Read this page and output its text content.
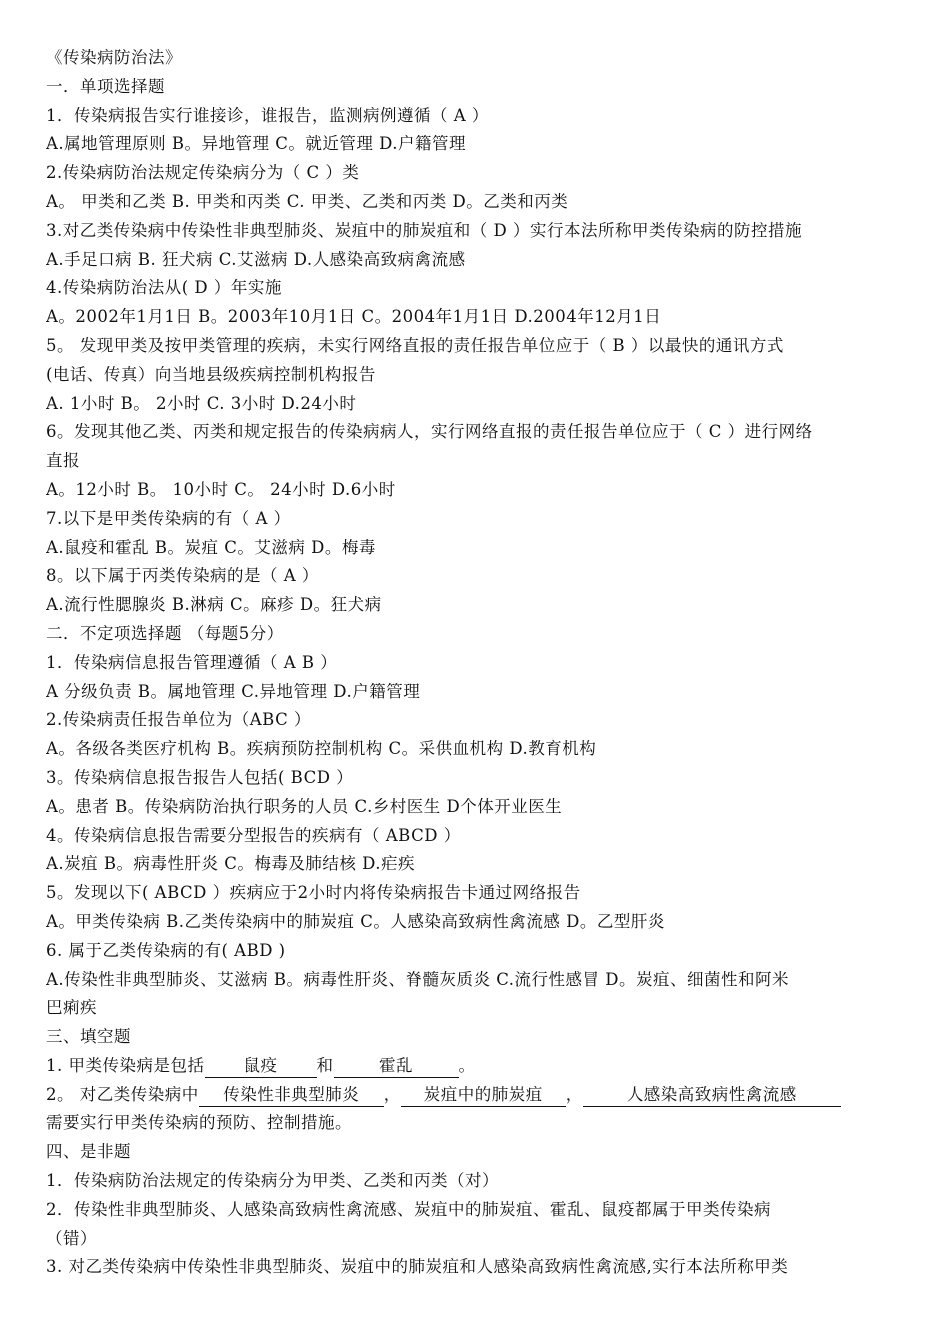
《传染病防治法》
一．单项选择题
1．传染病报告实行谁接诊，谁报告，监测病例遵循（ A ）
A.属地管理原则 B。异地管理 C。就近管理 D.户籍管理
2.传染病防治法规定传染病分为（ C ）类
A。 甲类和乙类 B. 甲类和丙类 C. 甲类、乙类和丙类 D。乙类和丙类
3.对乙类传染病中传染性非典型肺炎、炭疽中的肺炭疽和（ D ）实行本法所称甲类传染病的防控措施
A.手足口病 B. 狂犬病 C.艾滋病 D.人感染高致病禽流感
4.传染病防治法从( D ）年实施
A。2002年1月1日 B。2003年10月1日 C。2004年1月1日 D.2004年12月1日
5。 发现甲类及按甲类管理的疾病，未实行网络直报的责任报告单位应于（ B ）以最快的通讯方式
(电话、传真）向当地县级疾病控制机构报告
A. 1小时 B。 2小时 C. 3小时 D.24小时
6。发现其他乙类、丙类和规定报告的传染病病人，实行网络直报的责任报告单位应于（ C ）进行网络
直报
A。12小时 B。 10小时 C。 24小时 D.6小时
7.以下是甲类传染病的有（ A ）
A.鼠疫和霍乱 B。炭疽 C。艾滋病 D。梅毒
8。以下属于丙类传染病的是（ A ）
A.流行性腮腺炎 B.淋病 C。麻疹 D。狂犬病
二．不定项选择题 （每题5分）
1．传染病信息报告管理遵循（ A B ）
A 分级负责 B。属地管理 C.异地管理 D.户籍管理
2.传染病责任报告单位为（ABC ）
A。各级各类医疗机构 B。疾病预防控制机构 C。采供血机构 D.教育机构
3。传染病信息报告报告人包括( BCD ）
A。患者 B。传染病防治执行职务的人员 C.乡村医生 D个体开业医生
4。传染病信息报告需要分型报告的疾病有（ ABCD ）
A.炭疽 B。病毒性肝炎 C。梅毒及肺结核 D.疟疾
5。发现以下( ABCD ）疾病应于2小时内将传染病报告卡通过网络报告
A。甲类传染病 B.乙类传染病中的肺炭疽 C。人感染高致病性禽流感 D。乙型肝炎
6. 属于乙类传染病的有( ABD )
A.传染性非典型肺炎、艾滋病 B。病毒性肝炎、脊髓灰质炎 C.流行性感冒 D。炭疽、细菌性和阿米
巴痢疾
三、填空题
1. 甲类传染病是包括 鼠疫 和	霍乱	。
2。 对乙类传染病中 传染性非典型肺炎 ， 炭疽中的肺炭疽 ，	人感染高致病性禽流感
需要实行甲类传染病的预防、控制措施。
四、是非题
1．传染病防治法规定的传染病分为甲类、乙类和丙类（对）
2．传染性非典型肺炎、人感染高致病性禽流感、炭疽中的肺炭疽、霍乱、鼠疫都属于甲类传染病
（错）
3. 对乙类传染病中传染性非典型肺炎、炭疽中的肺炭疽和人感染高致病性禽流感,实行本法所称甲类
